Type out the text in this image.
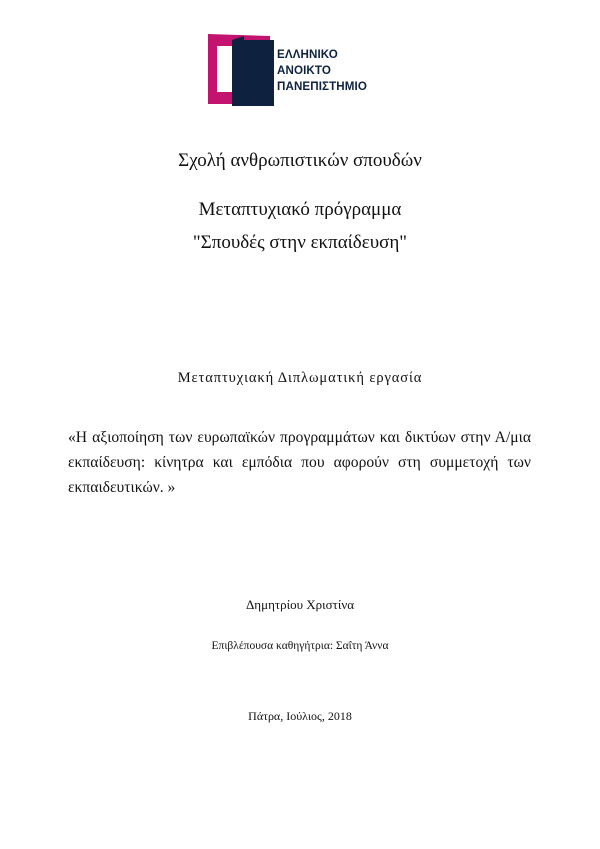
ΕΛΛΗΝΙΚΟ
ΑΝΟΙΚΤΟ
ΠΑΝΕΠΙΣΤΗΜΙΟ
Σχολή ανθρωπιστικών σπουδών
Μεταπτυχιακό πρόγραμμα
"Σπουδές στην εκπαίδευση"
Μεταπτυχιακή Διπλωματική εργασία
«Η αξιοποίηση των ευρωπαϊκών προγραμμάτων και δικτύων στην Α/μια εκπαίδευση: κίνητρα και εμπόδια που αφορούν στη συμμετοχή των εκπαιδευτικών. »
Δημητρίου Χριστίνα
Επιβλέπουσα καθηγήτρια: Σαΐτη Άννα
Πάτρα, Ιούλιος, 2018
